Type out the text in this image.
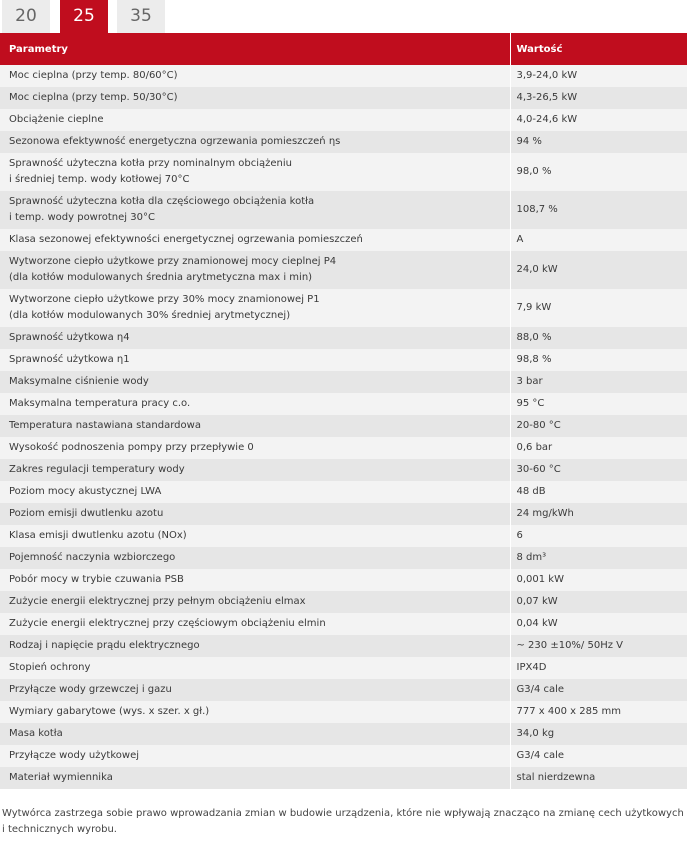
20	25	35
Parametry	Wartość
Moc cieplna (przy temp. 80/60°C)	3,9-24,0 kW
Moc cieplna (przy temp. 50/30°C)	4,3-26,5 kW
Obciążenie cieplne	4,0-24,6 kW
Sezonowa efektywność energetyczna ogrzewania pomieszczeń ηs	94 %
Sprawność użyteczna kotła przy nominalnym obciążeniu
i średniej temp. wody kotłowej 70°C	98,0 %
Sprawność użyteczna kotła dla częściowego obciążenia kotła
i temp. wody powrotnej 30°C	108,7 %
Klasa sezonowej efektywności energetycznej ogrzewania pomieszczeń	A
Wytworzone ciepło użytkowe przy znamionowej mocy cieplnej P4
(dla kotłów modulowanych średnia arytmetyczna max i min)	24,0 kW
Wytworzone ciepło użytkowe przy 30% mocy znamionowej P1
(dla kotłów modulowanych 30% średniej arytmetycznej)	7,9 kW
Sprawność użytkowa η4	88,0 %
Sprawność użytkowa η1	98,8 %
Maksymalne ciśnienie wody	3 bar
Maksymalna temperatura pracy c.o.	95 °C
Temperatura nastawiana standardowa	20-80 °C
Wysokość podnoszenia pompy przy przepływie 0	0,6 bar
Zakres regulacji temperatury wody	30-60 °C
Poziom mocy akustycznej LWA	48 dB
Poziom emisji dwutlenku azotu	24 mg/kWh
Klasa emisji dwutlenku azotu (NOx)	6
Pojemność naczynia wzbiorczego	8 dm³
Pobór mocy w trybie czuwania PSB	0,001 kW
Zużycie energii elektrycznej przy pełnym obciążeniu elmax	0,07 kW
Zużycie energii elektrycznej przy częściowym obciążeniu elmin	0,04 kW
Rodzaj i napięcie prądu elektrycznego	~ 230 ±10%/ 50Hz V
Stopień ochrony	IPX4D
Przyłącze wody grzewczej i gazu	G3/4 cale
Wymiary gabarytowe (wys. x szer. x gł.)	777 x 400 x 285 mm
Masa kotła	34,0 kg
Przyłącze wody użytkowej	G3/4 cale
Materiał wymiennika	stal nierdzewna
Wytwórca zastrzega sobie prawo wprowadzania zmian w budowie urządzenia, które nie wpływają znacząco na zmianę cech użytkowych i technicznych wyrobu.
